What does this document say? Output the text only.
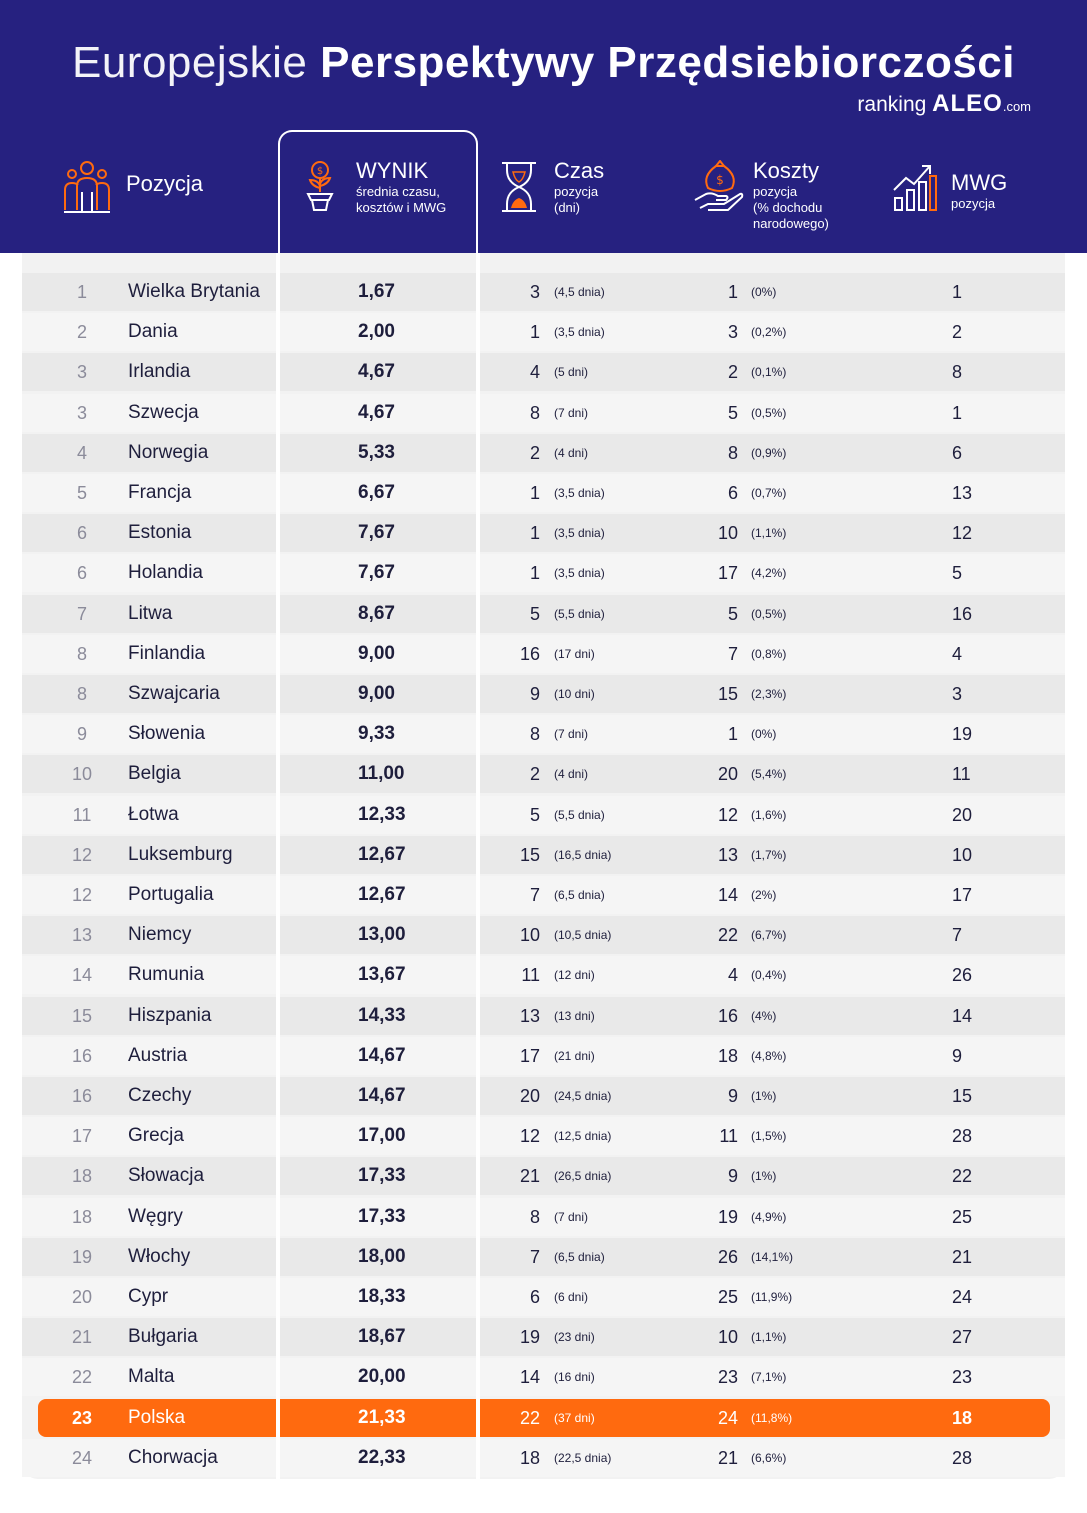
Europejskie Perspektywy Przędsiebiorczości
ranking ALEO.com
Pozycja	$ WYNIK
średnia czasu,
kosztów i MWG
Czas
pozycja
(dni)
$ Koszty
pozycja
(% dochodu
narodowego)
MWG
pozycja
1	Wielka Brytania	1,67	3 (4,5 dnia)	1 (0%)	1
2	Dania	2,00	1 (3,5 dnia)	3 (0,2%)	2
3	Irlandia	4,67	4 (5 dni)	2 (0,1%)	8
3	Szwecja	4,67	8 (7 dni)	5 (0,5%)	1
4	Norwegia	5,33	2 (4 dni)	8 (0,9%)	6
5	Francja	6,67	1 (3,5 dnia)	6 (0,7%)	13
6	Estonia	7,67	1 (3,5 dnia)	10 (1,1%)	12
6	Holandia	7,67	1 (3,5 dnia)	17 (4,2%)	5
7	Litwa	8,67	5 (5,5 dnia)	5 (0,5%)	16
8	Finlandia	9,00	16 (17 dni)	7 (0,8%)	4
8	Szwajcaria	9,00	9 (10 dni)	15 (2,3%)	3
9	Słowenia	9,33	8 (7 dni)	1 (0%)	19
10	Belgia	11,00	2 (4 dni)	20 (5,4%)	11
11	Łotwa	12,33	5 (5,5 dnia)	12 (1,6%)	20
12	Luksemburg	12,67	15 (16,5 dnia)	13 (1,7%)	10
12	Portugalia	12,67	7 (6,5 dnia)	14 (2%)	17
13	Niemcy	13,00	10 (10,5 dnia)	22 (6,7%)	7
14	Rumunia	13,67	11 (12 dni)	4 (0,4%)	26
15	Hiszpania	14,33	13 (13 dni)	16 (4%)	14
16	Austria	14,67	17 (21 dni)	18 (4,8%)	9
16	Czechy	14,67	20 (24,5 dnia)	9 (1%)	15
17	Grecja	17,00	12 (12,5 dnia)	11 (1,5%)	28
18	Słowacja	17,33	21 (26,5 dnia)	9 (1%)	22
18	Węgry	17,33	8 (7 dni)	19 (4,9%)	25
19	Włochy	18,00	7 (6,5 dnia)	26 (14,1%)	21
20	Cypr	18,33	6 (6 dni)	25 (11,9%)	24
21	Bułgaria	18,67	19 (23 dni)	10 (1,1%)	27
22	Malta	20,00	14 (16 dni)	23 (7,1%)	23
23	Polska	21,33	22 (37 dni)	24 (11,8%)	18
24	Chorwacja	22,33	18 (22,5 dnia)	21 (6,6%)	28
